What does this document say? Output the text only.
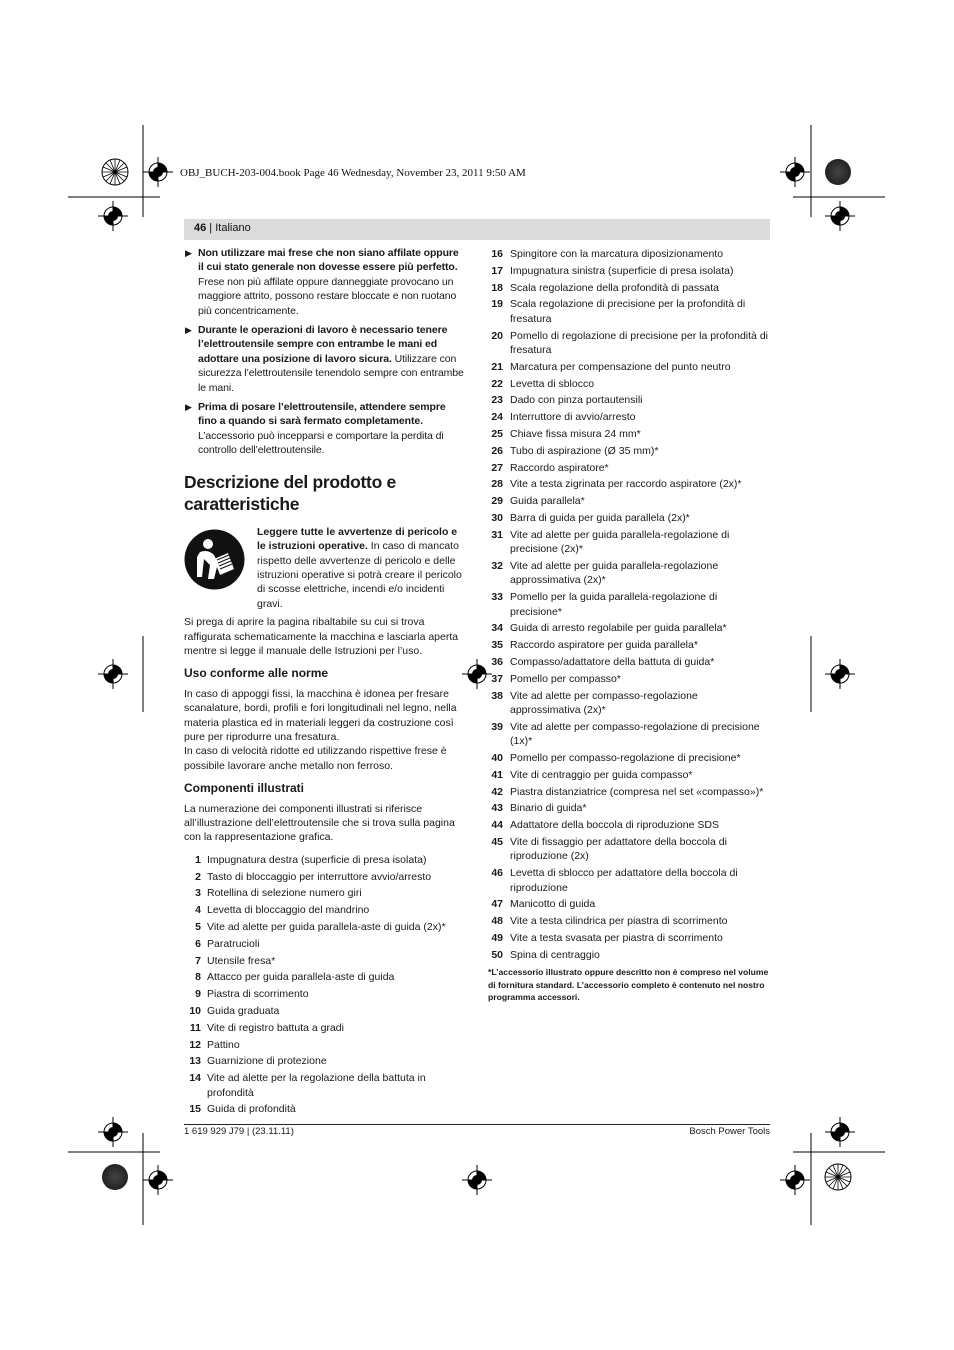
OBJ_BUCH-203-004.book Page 46 Wednesday, November 23, 2011 9:50 AM
46 | Italiano
▶ Non utilizzare mai frese che non siano affilate oppure il cui stato generale non dovesse essere più perfetto. Frese non più affilate oppure danneggiate provocano un maggiore attrito, possono restare bloccate e non ruotano più concentricamente.
▶ Durante le operazioni di lavoro è necessario tenere l’elettroutensile sempre con entrambe le mani ed adottare una posizione di lavoro sicura. Utilizzare con sicurezza l’elettroutensile tenendolo sempre con entrambe le mani.
▶ Prima di posare l’elettroutensile, attendere sempre fino a quando si sarà fermato completamente. L’accessorio può incepparsi e comportare la perdita di controllo dell’elettroutensile.
Descrizione del prodotto e caratteristiche
Leggere tutte le avvertenze di pericolo e le istruzioni operative. In caso di mancato rispetto delle avvertenze di pericolo e delle istruzioni operative si potrà creare il pericolo di scosse elettriche, incendi e/o incidenti gravi.
Si prega di aprire la pagina ribaltabile su cui si trova raffigurata schematicamente la macchina e lasciarla aperta mentre si legge il manuale delle Istruzioni per l’uso.
Uso conforme alle norme
In caso di appoggi fissi, la macchina è idonea per fresare scanalature, bordi, profili e fori longitudinali nel legno, nella materia plastica ed in materiali leggeri da costruzione così pure per riprodurre una fresatura.
In caso di velocità ridotte ed utilizzando rispettive frese è possibile lavorare anche metallo non ferroso.
Componenti illustrati
La numerazione dei componenti illustrati si riferisce all’illustrazione dell’elettroutensile che si trova sulla pagina con la rappresentazione grafica.
1 Impugnatura destra (superficie di presa isolata)
2 Tasto di bloccaggio per interruttore avvio/arresto
3 Rotellina di selezione numero giri
4 Levetta di bloccaggio del mandrino
5 Vite ad alette per guida parallela-aste di guida (2x)*
6 Paratrucioli
7 Utensile fresa*
8 Attacco per guida parallela-aste di guida
9 Piastra di scorrimento
10 Guida graduata
11 Vite di registro battuta a gradi
12 Pattino
13 Guarnizione di protezione
14 Vite ad alette per la regolazione della battuta in profondità
15 Guida di profondità
16 Spingitore con la marcatura diposizionamento
17 Impugnatura sinistra (superficie di presa isolata)
18 Scala regolazione della profondità di passata
19 Scala regolazione di precisione per la profondità di fresatura
20 Pomello di regolazione di precisione per la profondità di fresatura
21 Marcatura per compensazione del punto neutro
22 Levetta di sblocco
23 Dado con pinza portautensili
24 Interruttore di avvio/arresto
25 Chiave fissa misura 24 mm*
26 Tubo di aspirazione (Ø 35 mm)*
27 Raccordo aspiratore*
28 Vite a testa zigrinata per raccordo aspiratore (2x)*
29 Guida parallela*
30 Barra di guida per guida parallela (2x)*
31 Vite ad alette per guida parallela-regolazione di precisione (2x)*
32 Vite ad alette per guida parallela-regolazione approssimativa (2x)*
33 Pomello per la guida parallela-regolazione di precisione*
34 Guida di arresto regolabile per guida parallela*
35 Raccordo aspiratore per guida parallela*
36 Compasso/adattatore della battuta di guida*
37 Pomello per compasso*
38 Vite ad alette per compasso-regolazione approssimativa (2x)*
39 Vite ad alette per compasso-regolazione di precisione (1x)*
40 Pomello per compasso-regolazione di precisione*
41 Vite di centraggio per guida compasso*
42 Piastra distanziatrice (compresa nel set «compasso»)*
43 Binario di guida*
44 Adattatore della boccola di riproduzione SDS
45 Vite di fissaggio per adattatore della boccola di riproduzione (2x)
46 Levetta di sblocco per adattatore della boccola di riproduzione
47 Manicotto di guida
48 Vite a testa cilindrica per piastra di scorrimento
49 Vite a testa svasata per piastra di scorrimento
50 Spina di centraggio
*L’accessorio illustrato oppure descritto non è compreso nel volume di fornitura standard. L’accessorio completo è contenuto nel nostro programma accessori.
1 619 929 J79 | (23.11.11)	Bosch Power Tools
